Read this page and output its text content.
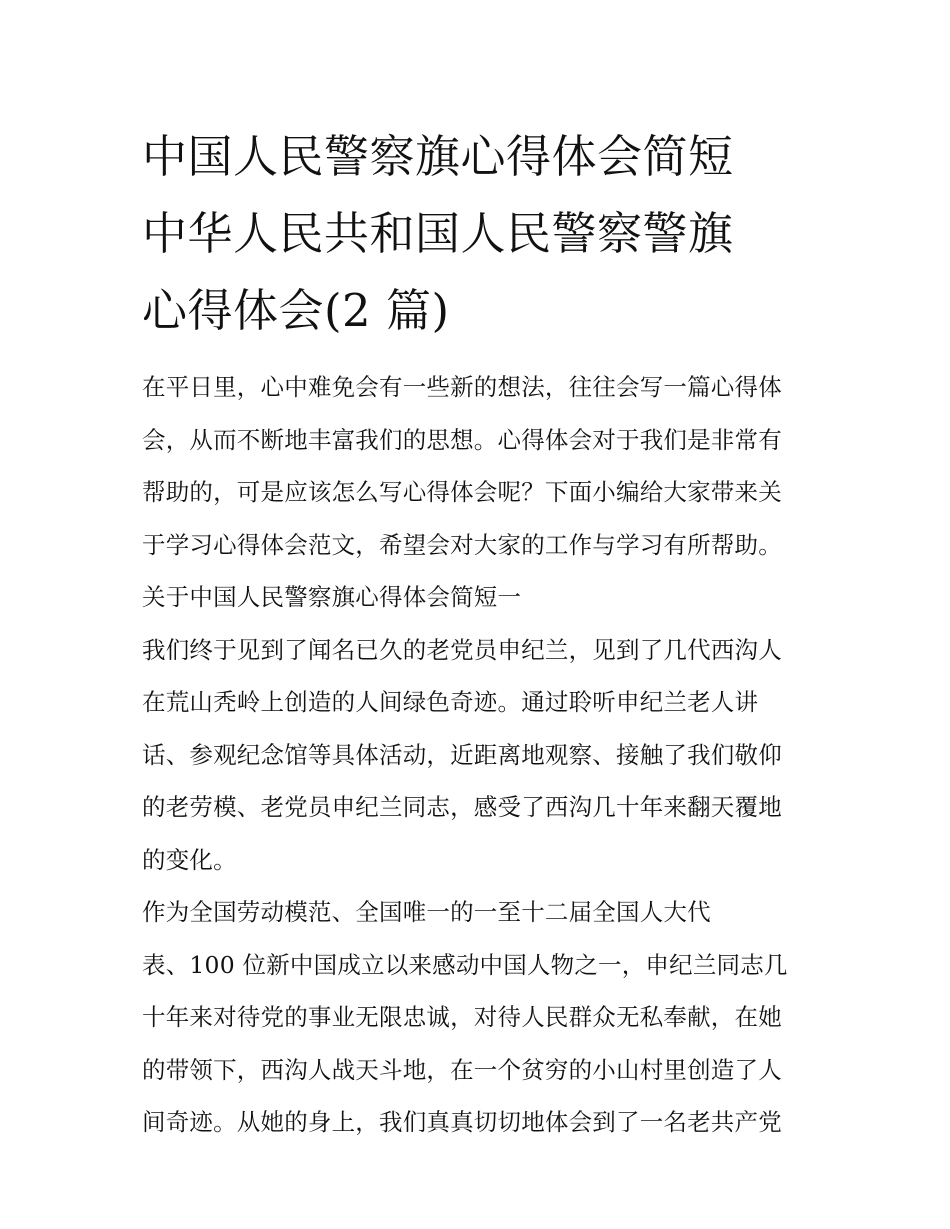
中国人民警察旗心得体会简短
中华人民共和国人民警察警旗
心得体会(2 篇)
在平日里，心中难免会有一些新的想法，往往会写一篇心得体
会，从而不断地丰富我们的思想。心得体会对于我们是非常有
帮助的，可是应该怎么写心得体会呢？下面小编给大家带来关
于学习心得体会范文，希望会对大家的工作与学习有所帮助。
关于中国人民警察旗心得体会简短一
我们终于见到了闻名已久的老党员申纪兰，见到了几代西沟人
在荒山秃岭上创造的人间绿色奇迹。通过聆听申纪兰老人讲
话、参观纪念馆等具体活动，近距离地观察、接触了我们敬仰
的老劳模、老党员申纪兰同志，感受了西沟几十年来翻天覆地
的变化。
作为全国劳动模范、全国唯一的一至十二届全国人大代
表、100 位新中国成立以来感动中国人物之一，申纪兰同志几
十年来对待党的事业无限忠诚，对待人民群众无私奉献，在她
的带领下，西沟人战天斗地，在一个贫穷的小山村里创造了人
间奇迹。从她的身上，我们真真切切地体会到了一名老共产党
